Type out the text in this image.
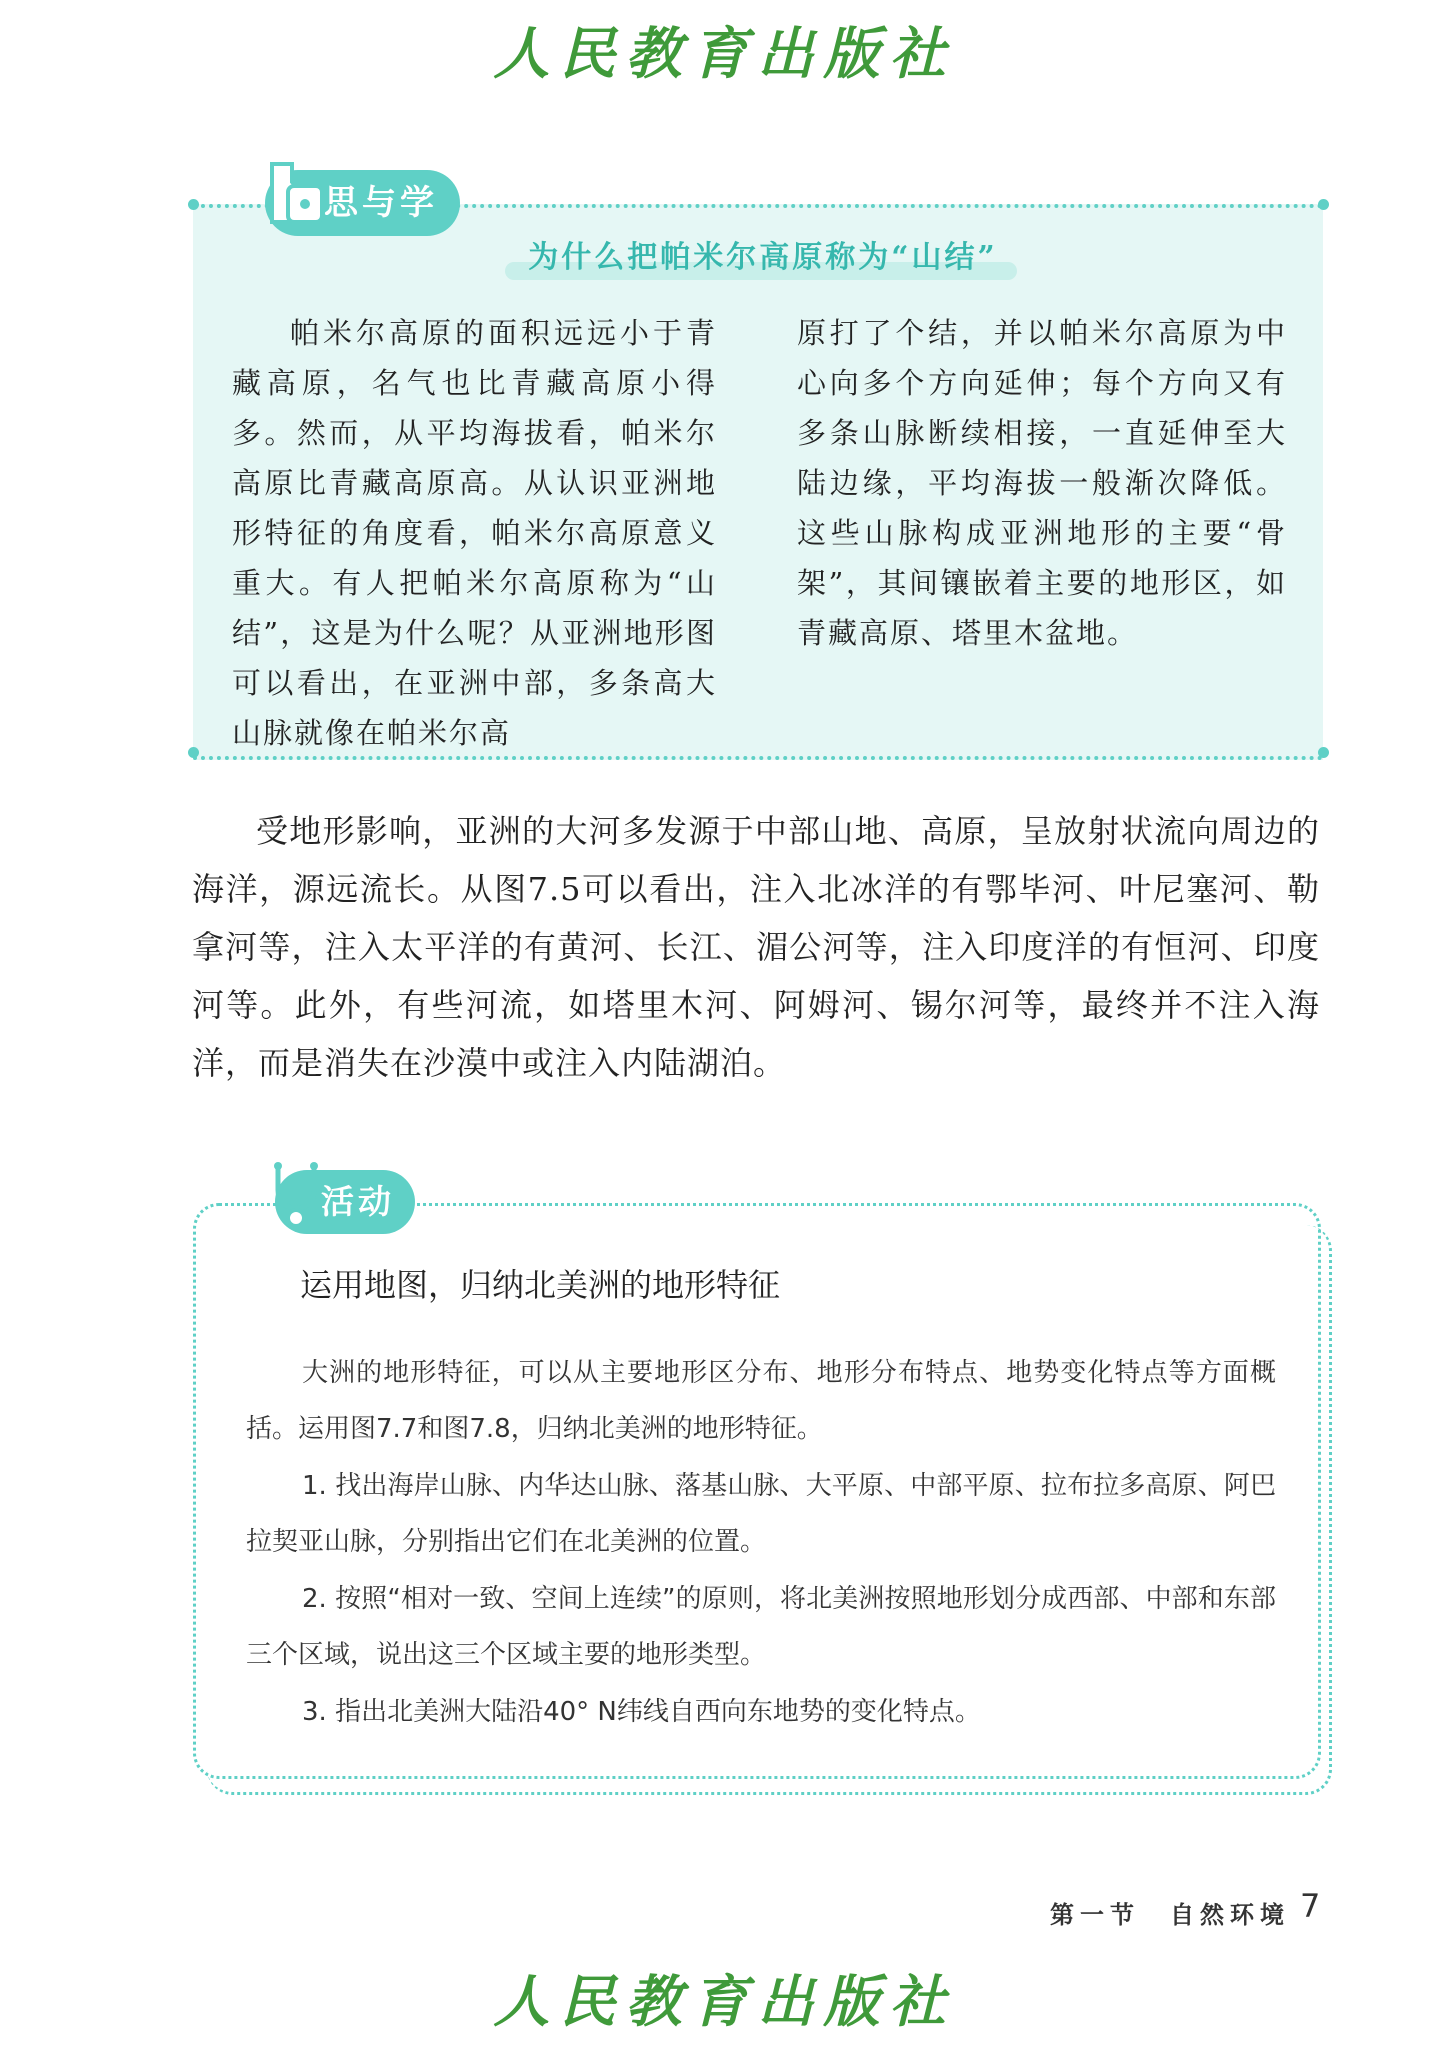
人民教育出版社
思与学
为什么把帕米尔高原称为“山结”

帕米尔高原的面积远远小于青藏高原，名气也比青藏高原小得多。然而，从平均海拔看，帕米尔高原比青藏高原高。从认识亚洲地形特征的角度看，帕米尔高原意义重大。有人把帕米尔高原称为“山结”，这是为什么呢？从亚洲地形图可以看出，在亚洲中部，多条高大山脉就像在帕米尔高

原打了个结，并以帕米尔高原为中心向多个方向延伸；每个方向又有多条山脉断续相接，一直延伸至大陆边缘，平均海拔一般渐次降低。这些山脉构成亚洲地形的主要“骨架”，其间镶嵌着主要的地形区，如青藏高原、塔里木盆地。

受地形影响，亚洲的大河多发源于中部山地、高原，呈放射状流向周边的海洋，源远流长。从图7.5可以看出，注入北冰洋的有鄂毕河、叶尼塞河、勒拿河等，注入太平洋的有黄河、长江、湄公河等，注入印度洋的有恒河、印度河等。此外，有些河流，如塔里木河、阿姆河、锡尔河等，最终并不注入海洋，而是消失在沙漠中或注入内陆湖泊。

活动
运用地图，归纳北美洲的地形特征

大洲的地形特征，可以从主要地形区分布、地形分布特点、地势变化特点等方面概括。运用图7.7和图7.8，归纳北美洲的地形特征。

1. 找出海岸山脉、内华达山脉、落基山脉、大平原、中部平原、拉布拉多高原、阿巴拉契亚山脉，分别指出它们在北美洲的位置。

2. 按照“相对一致、空间上连续”的原则，将北美洲按照地形划分成西部、中部和东部三个区域，说出这三个区域主要的地形类型。

3. 指出北美洲大陆沿40° N纬线自西向东地势的变化特点。

第一节　自然环境 7
人民教育出版社
